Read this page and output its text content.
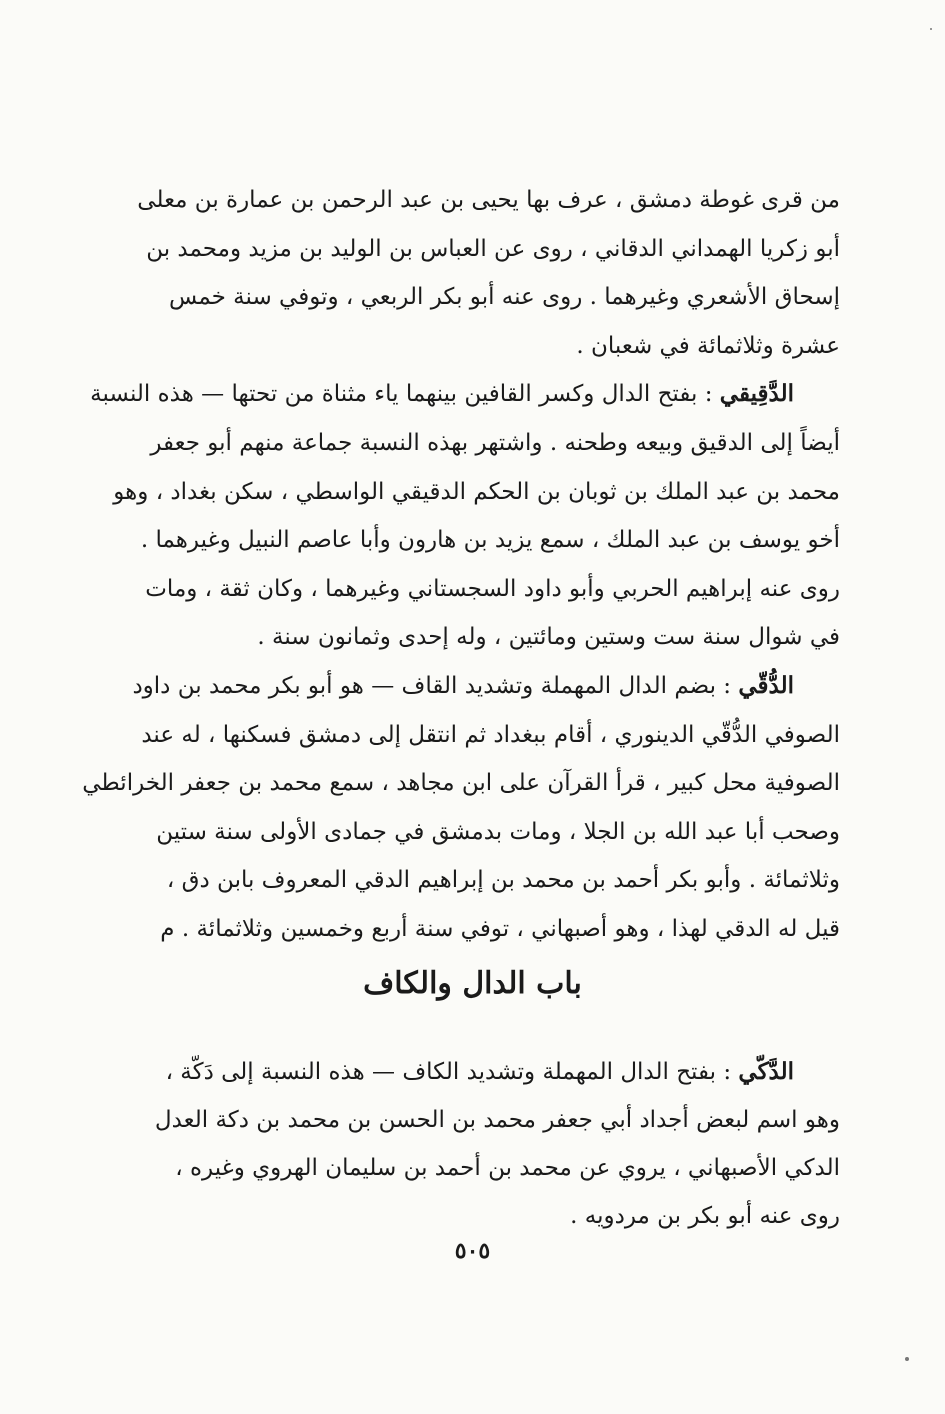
من قرى غوطة دمشق ، عرف بها يحيى بن عبد الرحمن بن عمارة بن معلى
أبو زكريا الهمداني الدقاني ، روى عن العباس بن الوليد بن مزيد ومحمد بن
إسحاق الأشعري وغيرهما . روى عنه أبو بكر الربعي ، وتوفي سنة خمس
عشرة وثلاثمائة في شعبان .
  الدَّقِيقي : بفتح الدال وكسر القافين بينهما ياء مثناة من تحتها — هذه النسبة
أيضاً إلى الدقيق وبيعه وطحنه . واشتهر بهذه النسبة جماعة منهم أبو جعفر
محمد بن عبد الملك بن ثوبان بن الحكم الدقيقي الواسطي ، سكن بغداد ، وهو
أخو يوسف بن عبد الملك ، سمع يزيد بن هارون وأبا عاصم النبيل وغيرهما .
روى عنه إبراهيم الحربي وأبو داود السجستاني وغيرهما ، وكان ثقة ، ومات
في شوال سنة ست وستين ومائتين ، وله إحدى وثمانون سنة .
  الدُّقّي : بضم الدال المهملة وتشديد القاف — هو أبو بكر محمد بن داود
الصوفي الدُّقّي الدينوري ، أقام ببغداد ثم انتقل إلى دمشق فسكنها ، له عند
الصوفية محل كبير ، قرأ القرآن على ابن مجاهد ، سمع محمد بن جعفر الخرائطي
وصحب أبا عبد الله بن الجلا ، ومات بدمشق في جمادى الأولى سنة ستين
وثلاثمائة . وأبو بكر أحمد بن محمد بن إبراهيم الدقي المعروف بابن دق ،
قيل له الدقي لهذا ، وهو أصبهاني ، توفي سنة أربع وخمسين وثلاثمائة . م
باب الدال والكاف
  الدَّكّي : بفتح الدال المهملة وتشديد الكاف — هذه النسبة إلى دَكّة ،
وهو اسم لبعض أجداد أبي جعفر محمد بن الحسن بن محمد بن دكة العدل
الدكي الأصبهاني ، يروي عن محمد بن أحمد بن سليمان الهروي وغيره ،
روى عنه أبو بكر بن مردويه .
٥٠٥
